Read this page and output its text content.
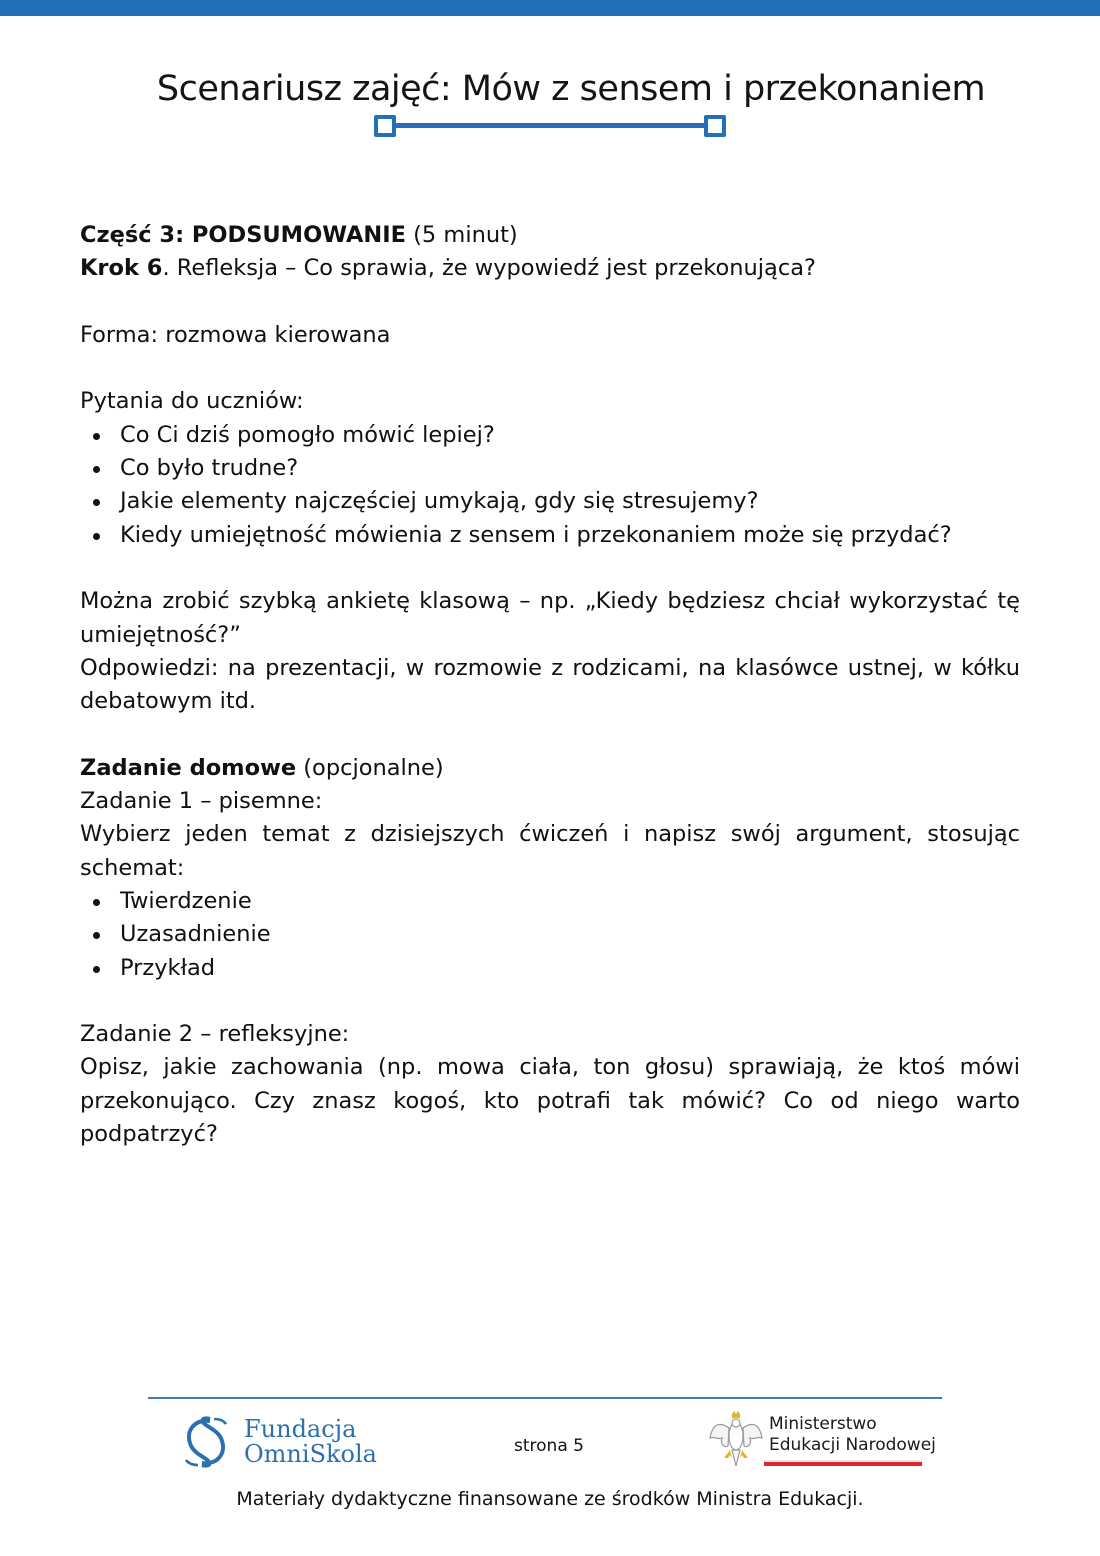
Scenariusz zajęć: Mów z sensem i przekonaniem

Część 3: PODSUMOWANIE (5 minut)

Krok 6. Refleksja – Co sprawia, że wypowiedź jest przekonująca?

Forma: rozmowa kierowana

Pytania do uczniów:

Co Ci dziś pomogło mówić lepiej?
Co było trudne?
Jakie elementy najczęściej umykają, gdy się stresujemy?
Kiedy umiejętność mówienia z sensem i przekonaniem może się przydać?

Można zrobić szybką ankietę klasową – np. „Kiedy będziesz chciał wykorzystać tę umiejętność?”

Odpowiedzi: na prezentacji, w rozmowie z rodzicami, na klasówce ustnej, w kółku debatowym itd.

Zadanie domowe (opcjonalne)

Zadanie 1 – pisemne:

Wybierz jeden temat z dzisiejszych ćwiczeń i napisz swój argument, stosując schemat:

Twierdzenie
Uzasadnienie
Przykład

Zadanie 2 – refleksyjne:

Opisz, jakie zachowania (np. mowa ciała, ton głosu) sprawiają, że ktoś mówi przekonująco. Czy znasz kogoś, kto potrafi tak mówić? Co od niego warto podpatrzyć?

Fundacja
OmniSkola	strona 5
Ministerstwo
Edukacji Narodowej
Materiały dydaktyczne finansowane ze środków Ministra Edukacji.
